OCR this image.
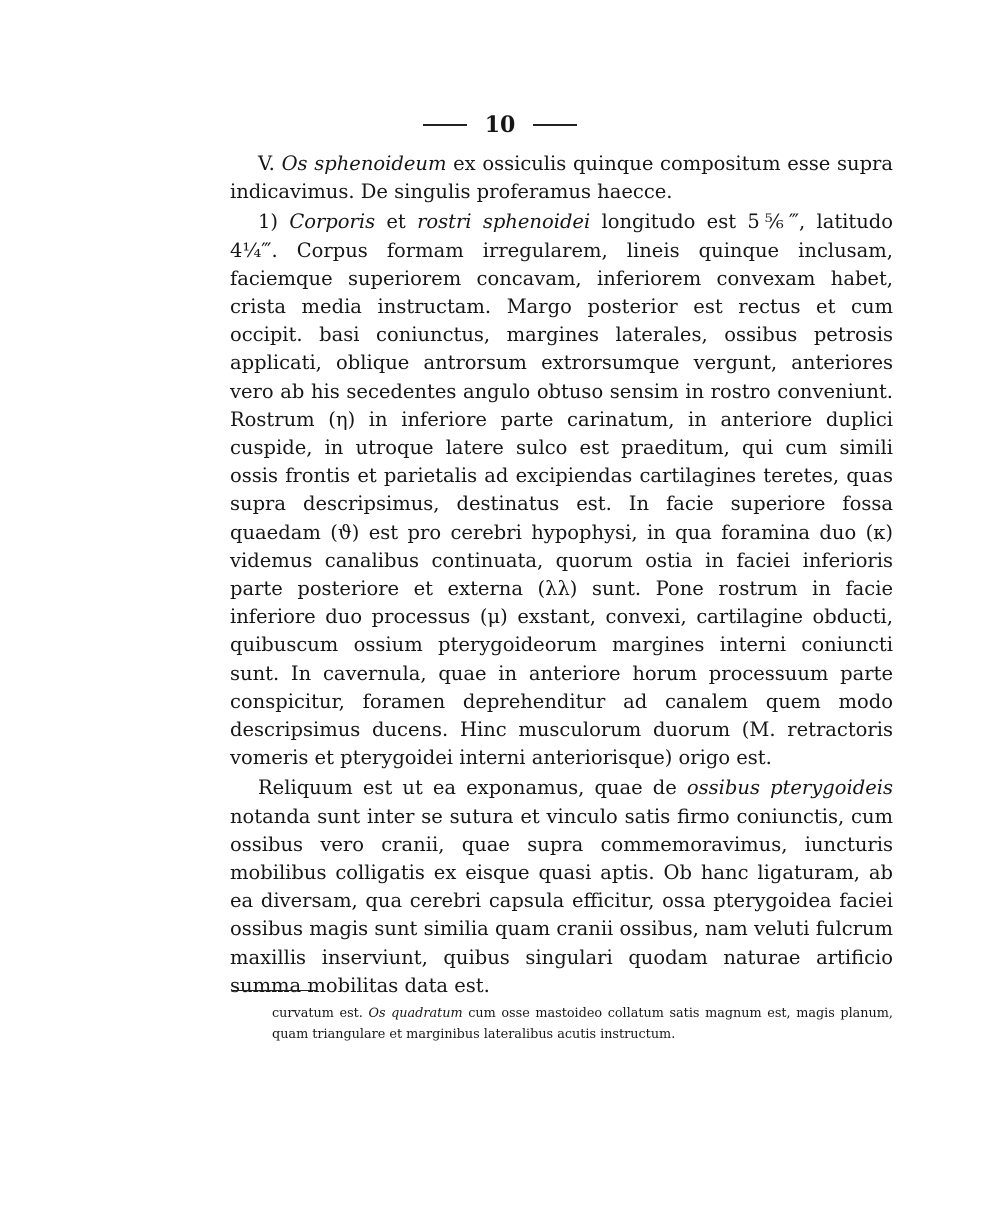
10

V. Os sphenoideum ex ossiculis quinque compositum esse supra indicavimus. De singulis proferamus haecce.

1) Corporis et rostri sphenoidei longitudo est 5⅚‴, latitudo 4¼‴. Corpus formam irregularem, lineis quinque inclusam, faciemque superiorem concavam, inferiorem convexam habet, crista media instructam. Margo posterior est rectus et cum occipit. basi coniunctus, margines laterales, ossibus petrosis applicati, oblique antrorsum extrorsumque vergunt, anteriores vero ab his secedentes angulo obtuso sensim in rostro conveniunt. Rostrum (η) in inferiore parte carinatum, in anteriore duplici cuspide, in utroque latere sulco est praeditum, qui cum simili ossis frontis et parietalis ad excipiendas cartilagines teretes, quas supra descripsimus, destinatus est. In facie superiore fossa quaedam (ϑ) est pro cerebri hypophysi, in qua foramina duo (κ) videmus canalibus continuata, quorum ostia in faciei inferioris parte posteriore et externa (λλ) sunt. Pone rostrum in facie inferiore duo processus (μ) exstant, convexi, cartilagine obducti, quibuscum ossium pterygoideorum margines interni coniuncti sunt. In cavernula, quae in anteriore horum processuum parte conspicitur, foramen deprehenditur ad canalem quem modo descripsimus ducens. Hinc musculorum duorum (M. retractoris vomeris et pterygoidei interni anteriorisque) origo est.

Reliquum est ut ea exponamus, quae de ossibus pterygoideis notanda sunt inter se sutura et vinculo satis firmo coniunctis, cum ossibus vero cranii, quae supra commemoravimus, iuncturis mobilibus colligatis ex eisque quasi aptis. Ob hanc ligaturam, ab ea diversam, qua cerebri capsula efficitur, ossa pterygoidea faciei ossibus magis sunt similia quam cranii ossibus, nam veluti fulcrum maxillis inserviunt, quibus singulari quodam naturae artificio summa mobilitas data est.

curvatum est. Os quadratum cum osse mastoideo collatum satis magnum est, magis planum, quam triangulare et marginibus lateralibus acutis instructum.
